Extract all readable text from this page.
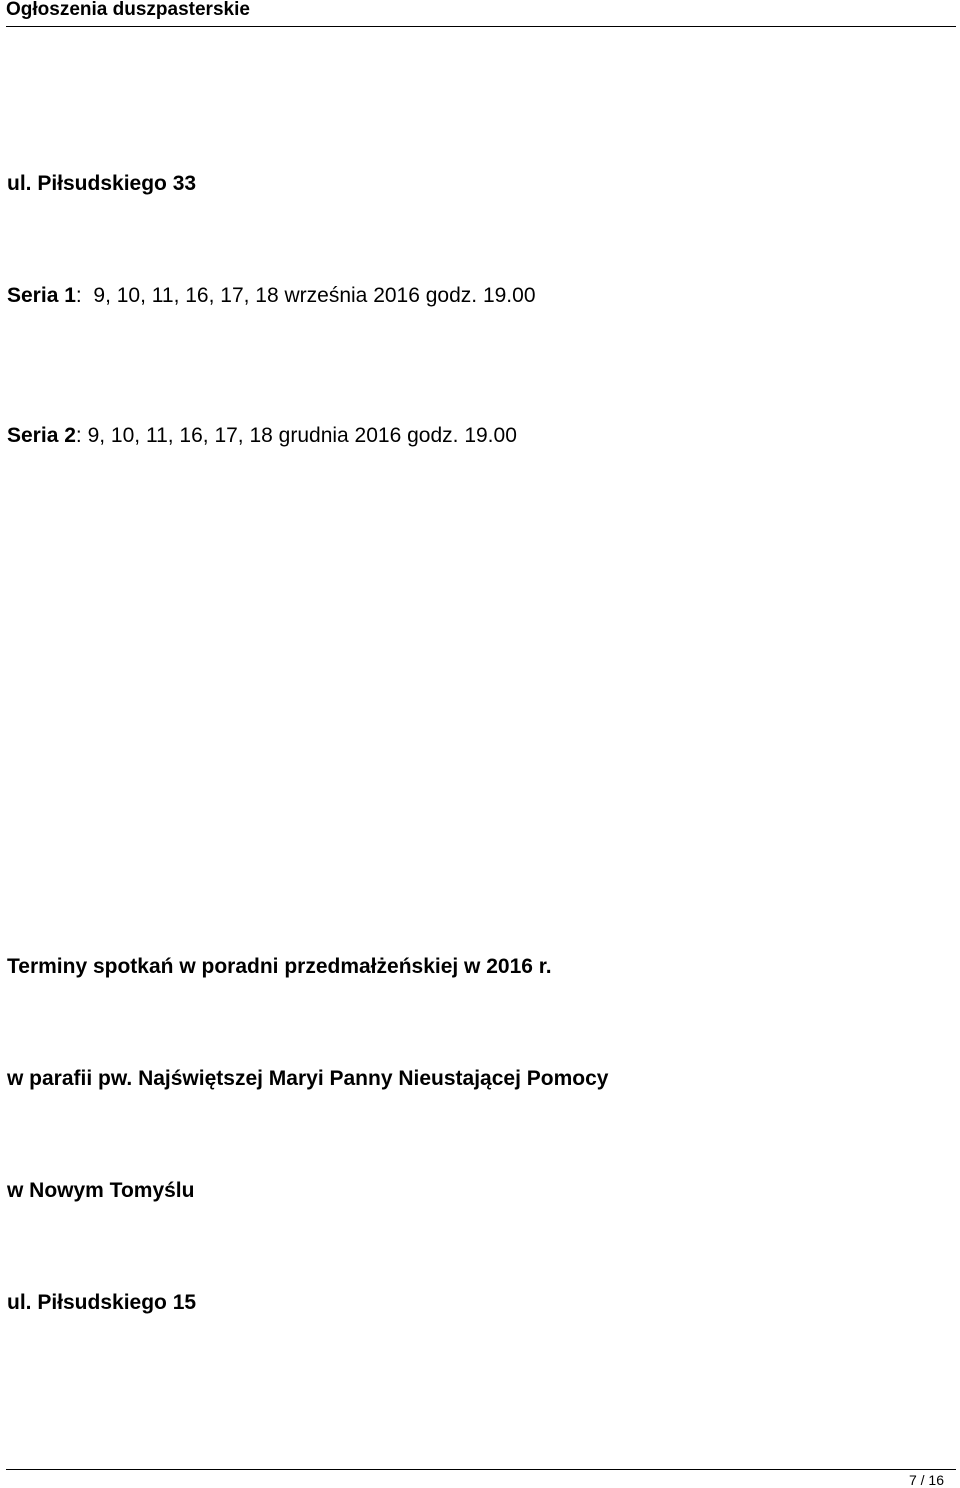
Ogłoszenia duszpasterskie
ul. Piłsudskiego 33
Seria 1: 9, 10, 11, 16, 17, 18 września 2016 godz. 19.00
Seria 2: 9, 10, 11, 16, 17, 18 grudnia 2016 godz. 19.00
Terminy spotkań w poradni przedmałżeńskiej w 2016 r.
w parafii pw. Najświętszej Maryi Panny Nieustającej Pomocy
w Nowym Tomyślu
ul. Piłsudskiego 15
7 / 16
